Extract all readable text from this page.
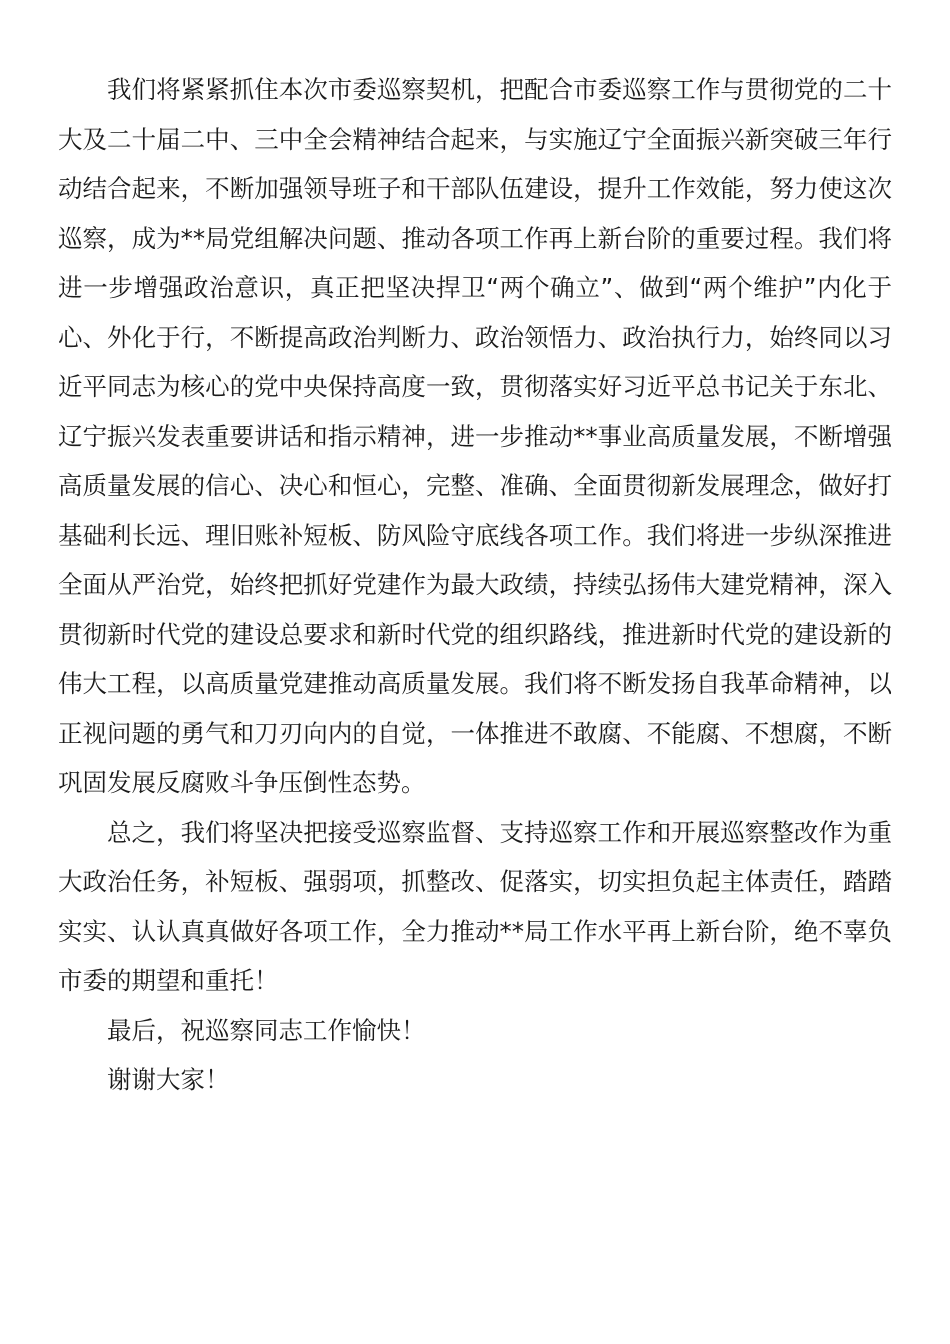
我们将紧紧抓住本次市委巡察契机，把配合市委巡察工作与贯彻党的二十大及二十届二中、三中全会精神结合起来，与实施辽宁全面振兴新突破三年行动结合起来，不断加强领导班子和干部队伍建设，提升工作效能，努力使这次巡察，成为**局党组解决问题、推动各项工作再上新台阶的重要过程。我们将进一步增强政治意识，真正把坚决捍卫“两个确立”、做到“两个维护”内化于心、外化于行，不断提高政治判断力、政治领悟力、政治执行力，始终同以习近平同志为核心的党中央保持高度一致，贯彻落实好习近平总书记关于东北、辽宁振兴发表重要讲话和指示精神，进一步推动**事业高质量发展，不断增强高质量发展的信心、决心和恒心，完整、准确、全面贯彻新发展理念，做好打基础利长远、理旧账补短板、防风险守底线各项工作。我们将进一步纵深推进全面从严治党，始终把抓好党建作为最大政绩，持续弘扬伟大建党精神，深入贯彻新时代党的建设总要求和新时代党的组织路线，推进新时代党的建设新的伟大工程，以高质量党建推动高质量发展。我们将不断发扬自我革命精神，以正视问题的勇气和刀刃向内的自觉，一体推进不敢腐、不能腐、不想腐，不断巩固发展反腐败斗争压倒性态势。

总之，我们将坚决把接受巡察监督、支持巡察工作和开展巡察整改作为重大政治任务，补短板、强弱项，抓整改、促落实，切实担负起主体责任，踏踏实实、认认真真做好各项工作，全力推动**局工作水平再上新台阶，绝不辜负市委的期望和重托！

最后，祝巡察同志工作愉快！

谢谢大家！
